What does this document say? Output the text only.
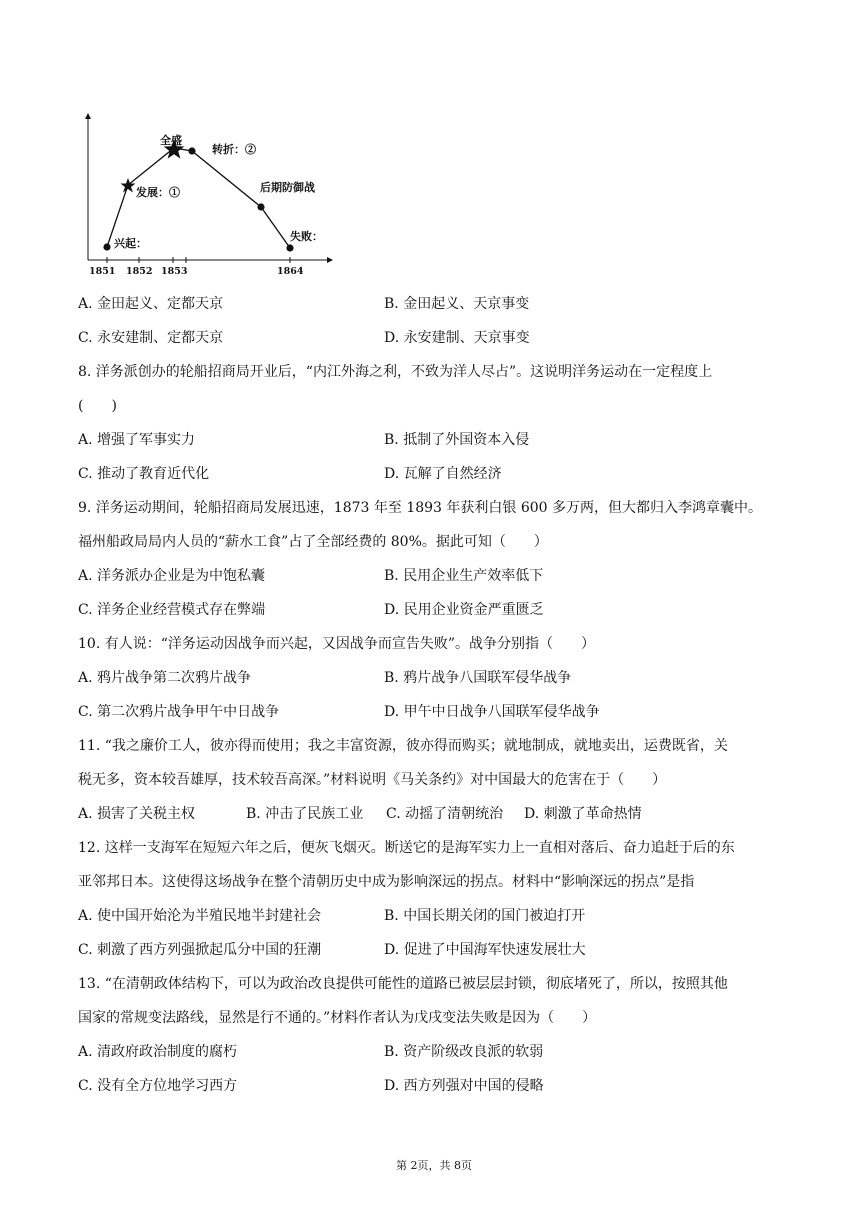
1851 1852 1853	1864
兴起：
发展：①
全盛
转折：②
后期防御战
失败：
A. 金田起义、定都天京	B. 金田起义、天京事变
C. 永安建制、定都天京	D. 永安建制、天京事变
8. 洋务派创办的轮船招商局开业后，“内江外海之利，不致为洋人尽占”。这说明洋务运动在一定程度上
(　　)
A. 增强了军事实力	B. 抵制了外国资本入侵
C. 推动了教育近代化	D. 瓦解了自然经济
9. 洋务运动期间，轮船招商局发展迅速，1873 年至 1893 年获利白银 600 多万两，但大都归入李鸿章囊中。
福州船政局局内人员的“薪水工食”占了全部经费的 80%。据此可知（　　）
A. 洋务派办企业是为中饱私囊	B. 民用企业生产效率低下
C. 洋务企业经营模式存在弊端	D. 民用企业资金严重匮乏
10. 有人说：“洋务运动因战争而兴起，又因战争而宣告失败”。战争分别指（　　）
A. 鸦片战争第二次鸦片战争	B. 鸦片战争八国联军侵华战争
C. 第二次鸦片战争甲午中日战争	D. 甲午中日战争八国联军侵华战争
11. “我之廉价工人，彼亦得而使用；我之丰富资源，彼亦得而购买；就地制成，就地卖出，运费既省，关
税无多，资本较吾雄厚，技术较吾高深。”材料说明《马关条约》对中国最大的危害在于（　　）
A. 损害了关税主权	B. 冲击了民族工业 C. 动摇了清朝统治 D. 刺激了革命热情
12. 这样一支海军在短短六年之后，便灰飞烟灭。断送它的是海军实力上一直相对落后、奋力追赶于后的东
亚邻邦日本。这使得这场战争在整个清朝历史中成为影响深远的拐点。材料中“影响深远的拐点”是指
A. 使中国开始沦为半殖民地半封建社会	B. 中国长期关闭的国门被迫打开
C. 刺激了西方列强掀起瓜分中国的狂潮	D. 促进了中国海军快速发展壮大
13. “在清朝政体结构下，可以为政治改良提供可能性的道路已被层层封锁，彻底堵死了，所以，按照其他
国家的常规变法路线，显然是行不通的。”材料作者认为戊戌变法失败是因为（　　）
A. 清政府政治制度的腐朽	B. 资产阶级改良派的软弱
C. 没有全方位地学习西方	D. 西方列强对中国的侵略
第 2页，共 8页
